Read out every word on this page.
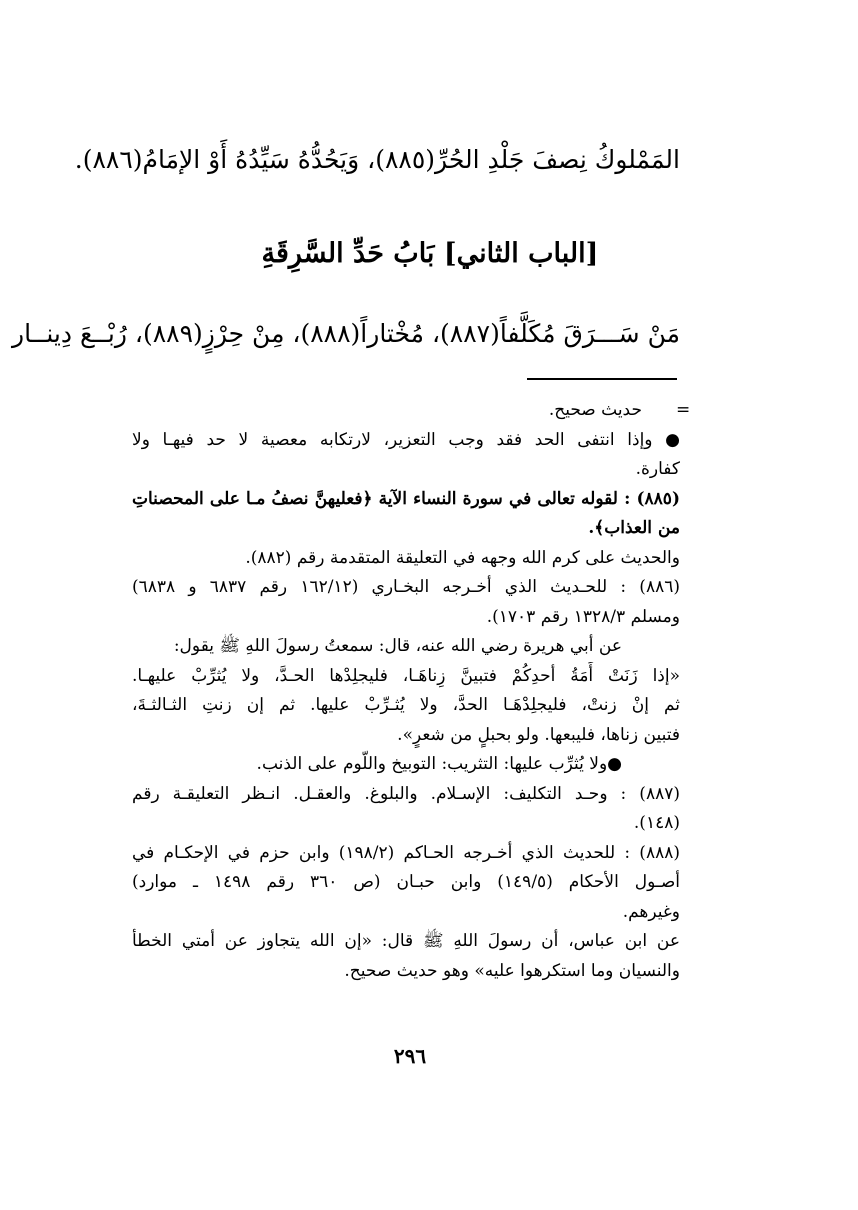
المَمْلوكُ نِصفَ جَلْدِ الحُرِّ(٨٨٥)، وَيَحُدُّهُ سَيِّدُهُ أَوْ الإمَامُ(٨٨٦).
[الباب الثاني] بَابُ حَدِّ السَّرِقَةِ
مَنْ سَـــرَقَ مُكَلَّفاً(٨٨٧)، مُخْتاراً(٨٨٨)، مِنْ حِرْزٍ(٨٨٩)، رُبْــعَ دِينــار
=
حديث صحيح.
● وإذا انتفى الحد فقد وجب التعزير، لارتكابه معصية لا حد فيهـا ولا
كفارة.
(٨٨٥) : لقوله تعالى في سورة النساء الآية ﴿فعليهنَّ نصفُ مـا على المحصناتِ
من العذاب﴾.
والحديث على كرم الله وجهه في التعليقة المتقدمة رقم (٨٨٢).
(٨٨٦) : للحـديث الذي أخـرجه البخـاري (١٦٢/١٢ رقم ٦٨٣٧ و ٦٨٣٨)
ومسلم ١٣٢٨/٣ رقم ١٧٠٣).
عن أبي هريرة رضي الله عنه، قال: سمعتُ رسولَ اللهِ ﷺ يقول:
«إذا زَنَتْ أَمَةُ أحدِكُمْ فتبينَّ زِناهَـا، فليجلِدْها الحـدَّ، ولا يُثرِّبْ عليهـا.
ثم إنْ زنتْ، فليجلِدْهَـا الحدَّ، ولا يُثـرِّبْ عليها. ثم إن زنتِ الثـالثـةَ،
فتبين زناها، فليبعها. ولو بحبلٍ من شعرٍ».
●ولا يُثرِّب عليها: التثريب: التوبيخ واللّوم على الذنب.
(٨٨٧) : وحـد التكليف: الإسـلام. والبلوغ. والعقـل. انـظر التعليقـة رقم
(١٤٨).
(٨٨٨) : للحديث الذي أخـرجه الحـاكم (١٩٨/٢) وابن حزم في الإحكـام في
أصـول الأحكام (١٤٩/٥) وابن حبـان (ص ٣٦٠ رقم ١٤٩٨ ـ موارد)
وغيرهم.
عن ابن عباس، أن رسولَ اللهِ ﷺ قال: «إن الله يتجاوز عن أمتي الخطأ
والنسيان وما استكرهوا عليه» وهو حديث صحيح.
٢٩٦
